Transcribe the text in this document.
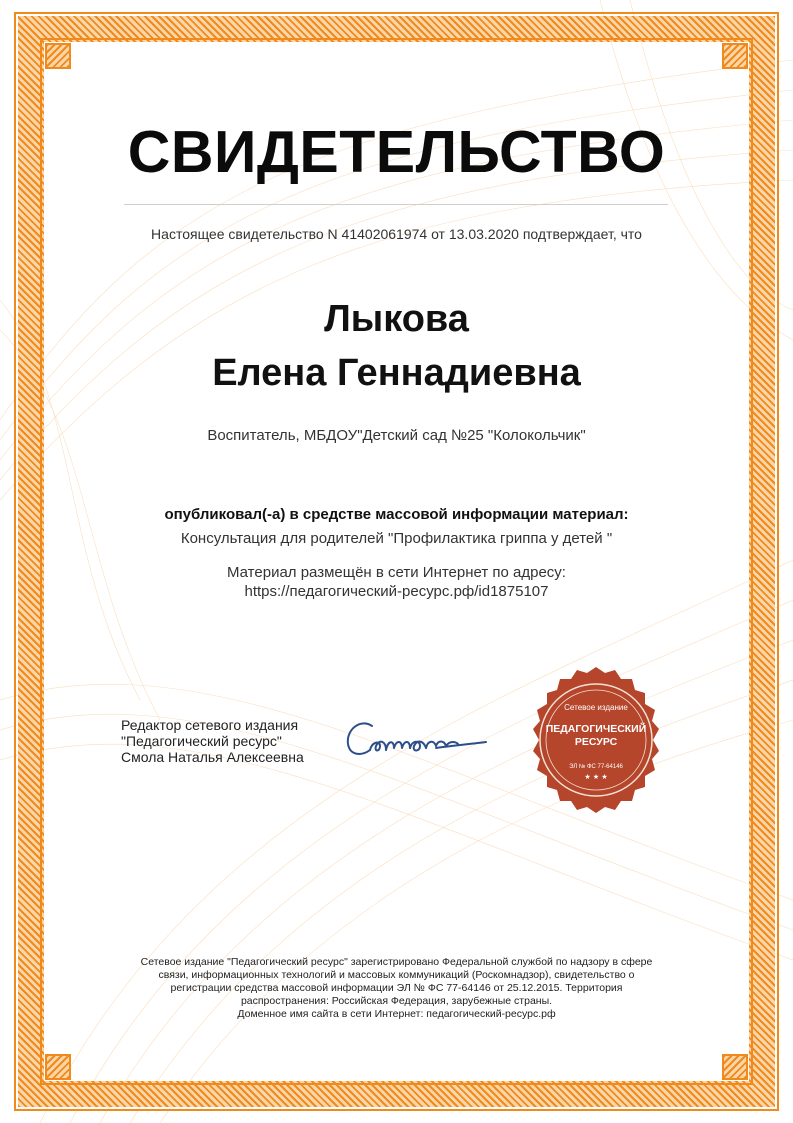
СВИДЕТЕЛЬСТВО
Настоящее свидетельство N 41402061974 от 13.03.2020 подтверждает, что
Лыкова
Елена Геннадиевна
Воспитатель, МБДОУ"Детский сад №25 "Колокольчик"
опубликовал(-а) в средстве массовой информации материал:
Консультация для родителей "Профилактика гриппа у детей "
Материал размещён в сети Интернет по адресу:
https://педагогический-ресурс.рф/id1875107
Редактор сетевого издания
"Педагогический ресурс"
Смола Наталья Алексеевна
Сетевое издание
ПЕДАГОГИЧЕСКИЙ
РЕСУРС
ЭЛ № ФС 77-64146
★ ★ ★
Сетевое издание "Педагогический ресурс" зарегистрировано Федеральной службой по надзору в сфере
связи, информационных технологий и массовых коммуникаций (Роскомнадзор), свидетельство о
регистрации средства массовой информации ЭЛ № ФС 77-64146 от 25.12.2015. Территория
распространения: Российская Федерация, зарубежные страны.
Доменное имя сайта в сети Интернет: педагогический-ресурс.рф
